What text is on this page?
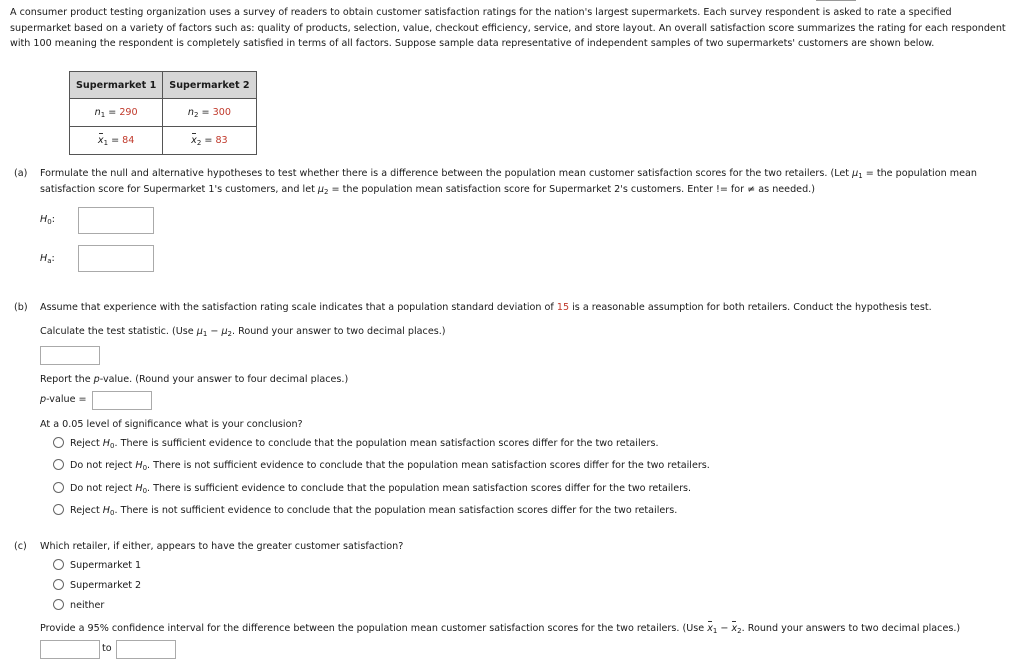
A consumer product testing organization uses a survey of readers to obtain customer satisfaction ratings for the nation's largest supermarkets. Each survey respondent is asked to rate a specified supermarket based on a variety of factors such as: quality of products, selection, value, checkout efficiency, service, and store layout. An overall satisfaction score summarizes the rating for each respondent with 100 meaning the respondent is completely satisfied in terms of all factors. Suppose sample data representative of independent samples of two supermarkets' customers are shown below.
Supermarket 1	Supermarket 2
$n_1 = 290$	$n_2 = 300$
$x_1 = 84$	$x_2 = 83$
(a) Formulate the null and alternative hypotheses to test whether there is a difference between the population mean customer satisfaction scores for the two retailers. (Let $\mu_1$ = the population mean
satisfaction score for Supermarket 1's customers, and let $\mu_2$ = the population mean satisfaction score for Supermarket 2's customers. Enter != for ≠ as needed.)
$H_0$:
$H_a$:
(b) Assume that experience with the satisfaction rating scale indicates that a population standard deviation of 15 is a reasonable assumption for both retailers. Conduct the hypothesis test.
Calculate the test statistic. (Use $\mu_1 - \mu_2$. Round your answer to two decimal places.)
Report the p-value. (Round your answer to four decimal places.)
p-value =
At a 0.05 level of significance what is your conclusion?
Reject $H_0$. There is sufficient evidence to conclude that the population mean satisfaction scores differ for the two retailers.
Do not reject $H_0$. There is not sufficient evidence to conclude that the population mean satisfaction scores differ for the two retailers.
Do not reject $H_0$. There is sufficient evidence to conclude that the population mean satisfaction scores differ for the two retailers.
Reject $H_0$. There is not sufficient evidence to conclude that the population mean satisfaction scores differ for the two retailers.
(c) Which retailer, if either, appears to have the greater customer satisfaction?
Supermarket 1
Supermarket 2
neither
Provide a 95% confidence interval for the difference between the population mean customer satisfaction scores for the two retailers. (Use $x_1 - x_2$. Round your answers to two decimal places.)
to
